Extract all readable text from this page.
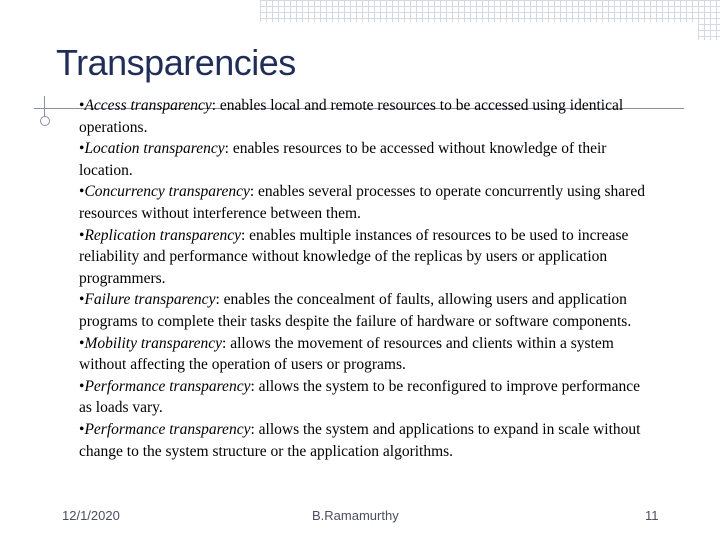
Transparencies

•Access transparency: enables local and remote resources to be accessed using identical operations.

•Location transparency: enables resources to be accessed without knowledge of their location.

•Concurrency transparency: enables several processes to operate concurrently using shared resources without interference between them.

•Replication transparency: enables multiple instances of resources to be used to increase reliability and performance without knowledge of the replicas by users or application programmers.

•Failure transparency: enables the concealment of faults, allowing users and application programs to complete their tasks despite the failure of hardware or software components.

•Mobility transparency: allows the movement of resources and clients within a system without affecting the operation of users or programs.

•Performance transparency: allows the system to be reconfigured to improve performance as loads vary.

•Performance transparency: allows the system and applications to expand in scale without change to the system structure or the application algorithms.

12/1/2020	B.Ramamurthy	11
